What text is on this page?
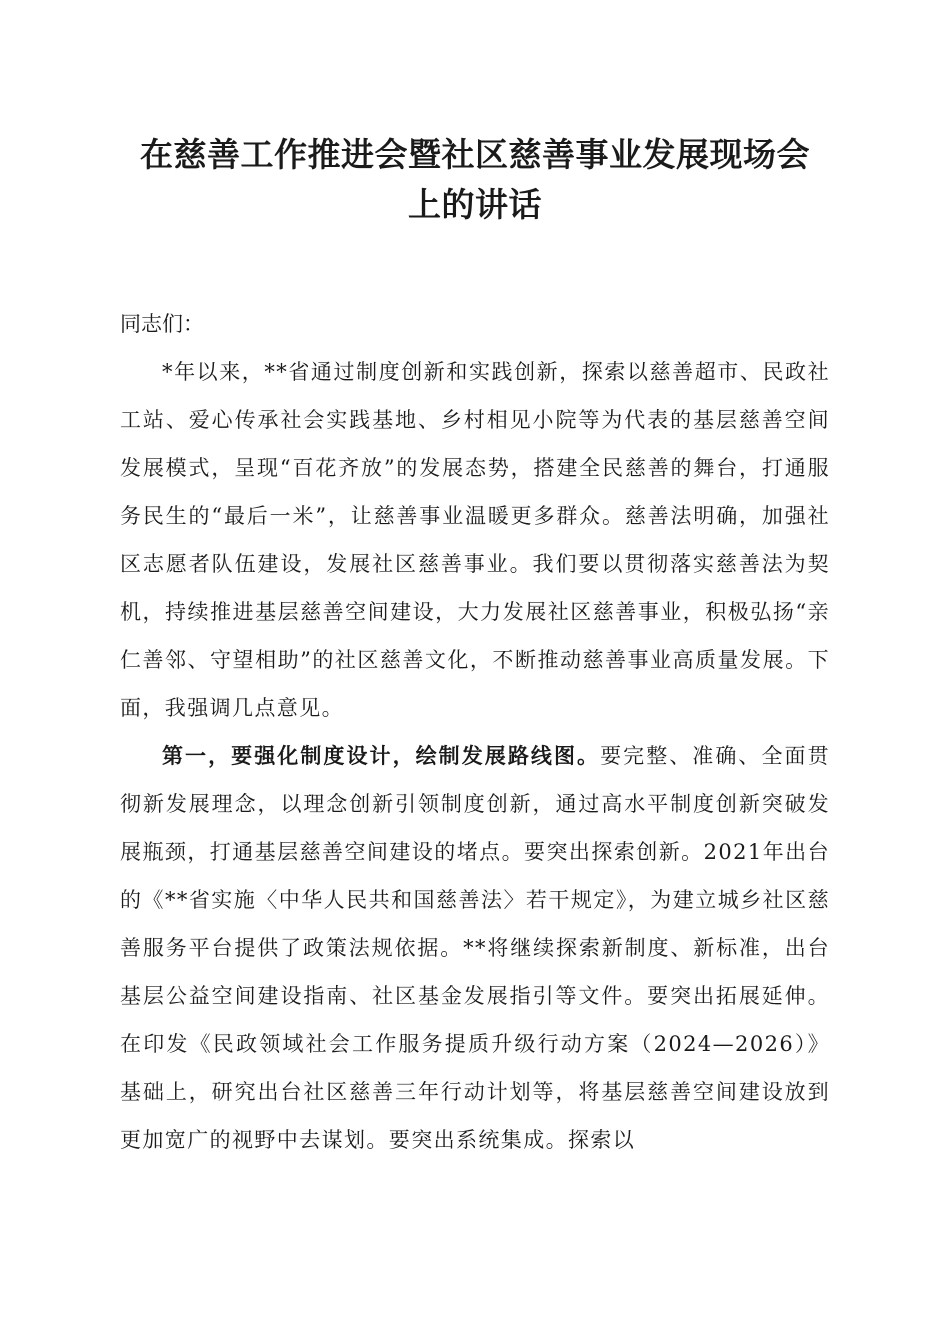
在慈善工作推进会暨社区慈善事业发展现场会
上的讲话

同志们：

*年以来，**省通过制度创新和实践创新，探索以慈善超市、民政社工站、爱心传承社会实践基地、乡村相见小院等为代表的基层慈善空间发展模式，呈现“百花齐放”的发展态势，搭建全民慈善的舞台，打通服务民生的“最后一米”，让慈善事业温暖更多群众。慈善法明确，加强社区志愿者队伍建设，发展社区慈善事业。我们要以贯彻落实慈善法为契机，持续推进基层慈善空间建设，大力发展社区慈善事业，积极弘扬“亲仁善邻、守望相助”的社区慈善文化，不断推动慈善事业高质量发展。下面，我强调几点意见。

第一，要强化制度设计，绘制发展路线图。要完整、准确、全面贯彻新发展理念，以理念创新引领制度创新，通过高水平制度创新突破发展瓶颈，打通基层慈善空间建设的堵点。要突出探索创新。2021年出台的《**省实施〈中华人民共和国慈善法〉若干规定》，为建立城乡社区慈善服务平台提供了政策法规依据。**将继续探索新制度、新标准，出台基层公益空间建设指南、社区基金发展指引等文件。要突出拓展延伸。在印发《民政领域社会工作服务提质升级行动方案（2024—2026）》基础上，研究出台社区慈善三年行动计划等，将基层慈善空间建设放到更加宽广的视野中去谋划。要突出系统集成。探索以
